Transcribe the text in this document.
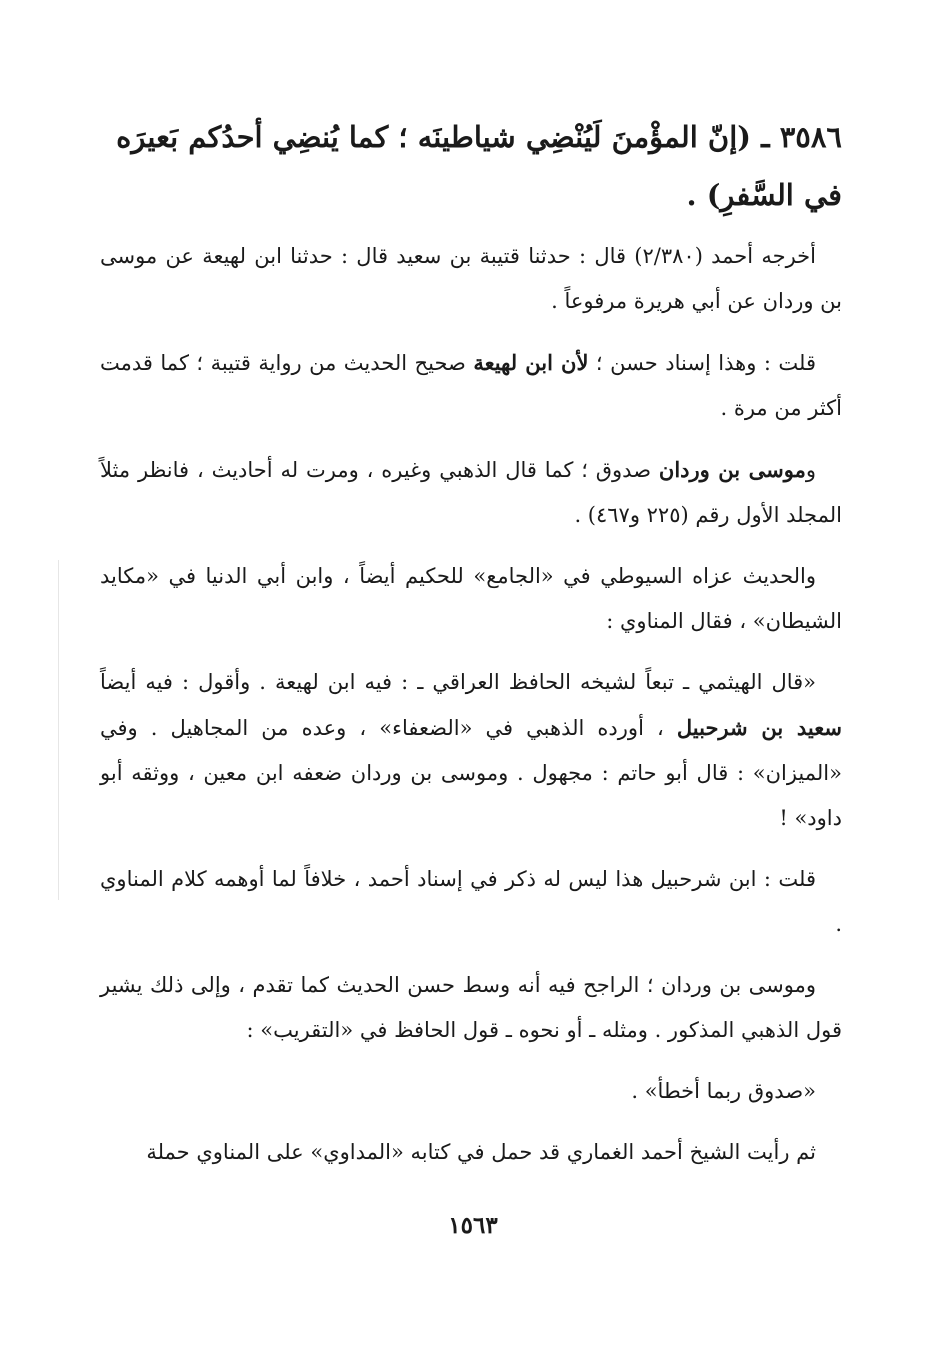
٣٥٨٦ ـ (إنّ المؤْمنَ لَيُنْضِي شياطينَه ؛ كما يُنضِي أحدُكم بَعيرَه في السَّفرِ) .

أخرجه أحمد (٢/٣٨٠) قال : حدثنا قتيبة بن سعيد قال : حدثنا ابن لهيعة عن موسى بن وردان عن أبي هريرة مرفوعاً .

قلت : وهذا إسناد حسن ؛ لأن ابن لهيعة صحيح الحديث من رواية قتيبة ؛ كما قدمت أكثر من مرة .

وموسى بن وردان صدوق ؛ كما قال الذهبي وغيره ، ومرت له أحاديث ، فانظر مثلاً المجلد الأول رقم (٢٢٥ و٤٦٧) .

والحديث عزاه السيوطي في «الجامع» للحكيم أيضاً ، وابن أبي الدنيا في «مكايد الشيطان» ، فقال المناوي :

«قال الهيثمي ـ تبعاً لشيخه الحافظ العراقي ـ : فيه ابن لهيعة . وأقول : فيه أيضاً سعيد بن شرحبيل ، أورده الذهبي في «الضعفاء» ، وعده من المجاهيل . وفي «الميزان» : قال أبو حاتم : مجهول . وموسى بن وردان ضعفه ابن معين ، ووثقه أبو داود» !

قلت : ابن شرحبيل هذا ليس له ذكر في إسناد أحمد ، خلافاً لما أوهمه كلام المناوي .

وموسى بن وردان ؛ الراجح فيه أنه وسط حسن الحديث كما تقدم ، وإلى ذلك يشير قول الذهبي المذكور . ومثله ـ أو نحوه ـ قول الحافظ في «التقريب» :

«صدوق ربما أخطأ» .

ثم رأيت الشيخ أحمد الغماري قد حمل في كتابه «المداوي» على المناوي حملة

١٥٦٣
